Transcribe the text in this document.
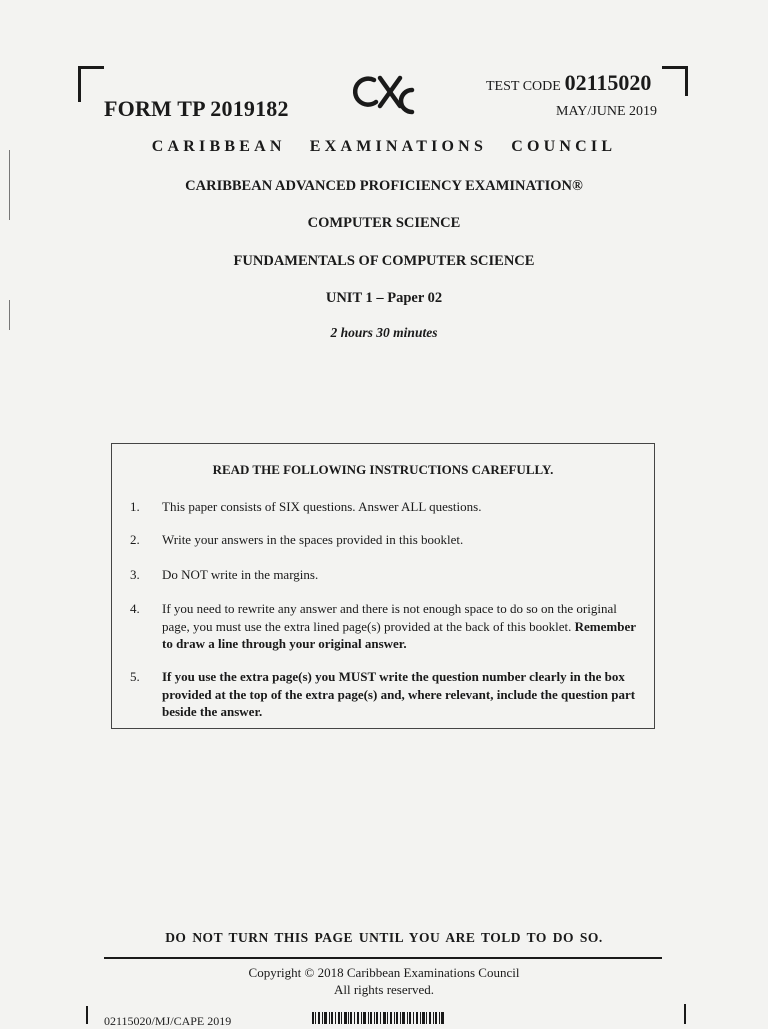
FORM TP 2019182
TEST CODE 02115020
MAY/JUNE 2019
CARIBBEAN EXAMINATIONS COUNCIL
CARIBBEAN ADVANCED PROFICIENCY EXAMINATION®
COMPUTER SCIENCE
FUNDAMENTALS OF COMPUTER SCIENCE
UNIT 1 – Paper 02
2 hours 30 minutes
READ THE FOLLOWING INSTRUCTIONS CAREFULLY.
1. This paper consists of SIX questions. Answer ALL questions.
2. Write your answers in the spaces provided in this booklet.
3. Do NOT write in the margins.
4. If you need to rewrite any answer and there is not enough space to do so on the original page, you must use the extra lined page(s) provided at the back of this booklet. Remember to draw a line through your original answer.
5. If you use the extra page(s) you MUST write the question number clearly in the box provided at the top of the extra page(s) and, where relevant, include the question part beside the answer.
DO NOT TURN THIS PAGE UNTIL YOU ARE TOLD TO DO SO.
Copyright © 2018 Caribbean Examinations Council
All rights reserved.
02115020/MJ/CAPE 2019
